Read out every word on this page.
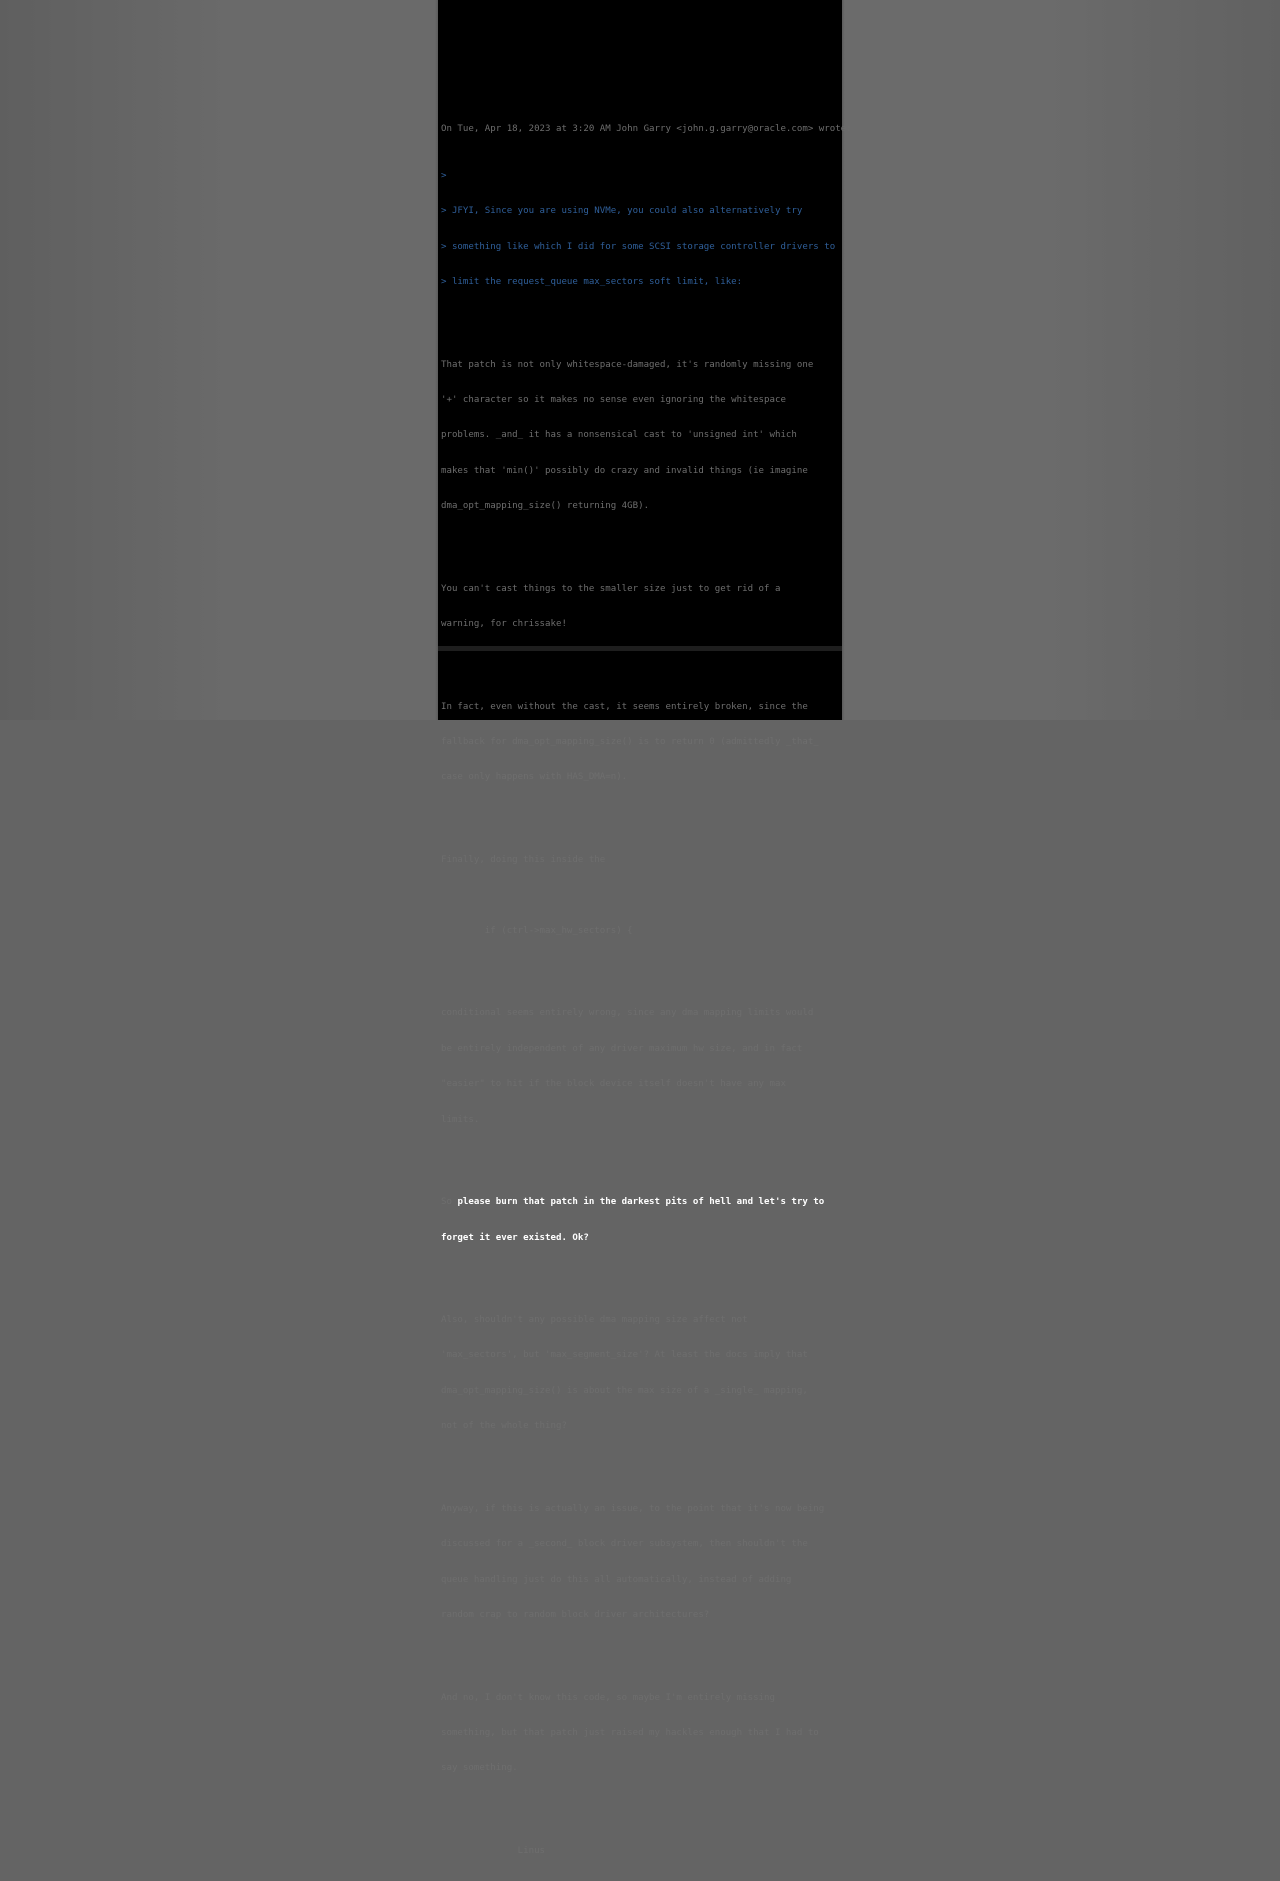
On Tue, Apr 18, 2023 at 3:20 AM John Garry <john.g.garry@oracle.com> wrote:

>

> JFYI, Since you are using NVMe, you could also alternatively try

> something like which I did for some SCSI storage controller drivers to

> limit the request_queue max_sectors soft limit, like:

That patch is not only whitespace-damaged, it's randomly missing one

'+' character so it makes no sense even ignoring the whitespace

problems. _and_ it has a nonsensical cast to 'unsigned int' which

makes that 'min()' possibly do crazy and invalid things (ie imagine

dma_opt_mapping_size() returning 4GB).

You can't cast things to the smaller size just to get rid of a

warning, for chrissake!

In fact, even without the cast, it seems entirely broken, since the

fallback for dma_opt_mapping_size() is to return 0 (admittedly _that_

case only happens with HAS_DMA=n).

Finally, doing this inside the

if (ctrl->max_hw_sectors) {

conditional seems entirely wrong, since any dma mapping limits would

be entirely independent of any driver maximum hw size, and in fact

"easier" to hit if the block device itself doesn't have any max

limits.

So please burn that patch in the darkest pits of hell and let's try to

forget it ever existed. Ok?

Also, shouldn't any possible dma mapping size affect not

'max_sectors', but 'max_segment_size'? At least the docs imply that

dma_opt_mapping_size() is about the max size of a _single_ mapping,

not of the whole thing?

Anyway, if this is actually an issue, to the point that it's now being

discussed for a _second_ block driver subsystem, then shouldn't the

queue handling just do this all automatically, instead of adding

random crap to random block driver architectures?

And no, I don't know this code, so maybe I'm entirely missing

something, but that patch just raised my hackles enough that I had to

say something.

Linus
